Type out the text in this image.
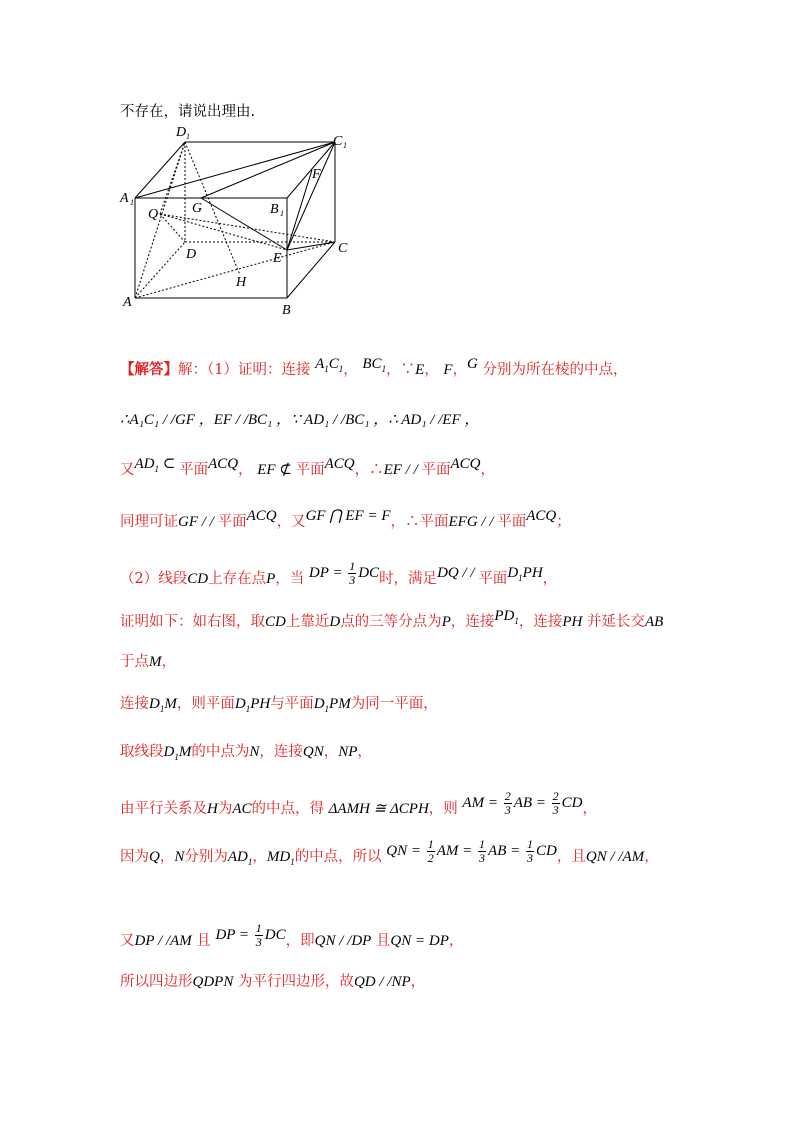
不存在，请说出理由.
D 1	C 1
A 1	B 1
F
G
Q
C
D	E
H
A
B
【解答】解：（1）证明：连接 $A_1C_1$， $BC_1$，∵E， F，G 分别为所在棱的中点，
∴A₁C₁ / /GF ，EF / /BC₁ ，∵ AD₁ / /BC₁ ，∴ AD₁ / /EF ，
又$AD_1$ ⊂ 平面ACQ， EF ⊄ 平面ACQ，∴EF / / 平面ACQ，
同理可证GF / / 平面ACQ，又GF ⋂ EF = F，∴平面EFG / / 平面ACQ；
（2）线段CD上存在点P，当 DP = $\frac{1}{3}$ DC时，满足DQ / / 平面$D_1PH$，
证明如下：如右图，取CD上靠近D点的三等分点为P，连接$PD_1$，连接PH 并延长交AB
于点M，
连接$D_1M$，则平面$D_1PH$与平面$D_1PM$为同一平面，
取线段$D_1M$的中点为N，连接QN，NP，
由平行关系及H为AC的中点，得 ΔAMH ≅ ΔCPH，则 AM = $\frac{2}{3}$ AB = $\frac{2}{3}$ CD，
因为Q，N分别为$AD_1$，$MD_1$的中点，所以 QN = $\frac{1}{2}$ AM = $\frac{1}{3}$ AB = $\frac{1}{3}$ CD，且QN / /AM，
又DP / /AM 且 DP = $\frac{1}{3}$ DC，即QN / /DP 且QN = DP，
所以四边形QDPN 为平行四边形，故QD / /NP，
